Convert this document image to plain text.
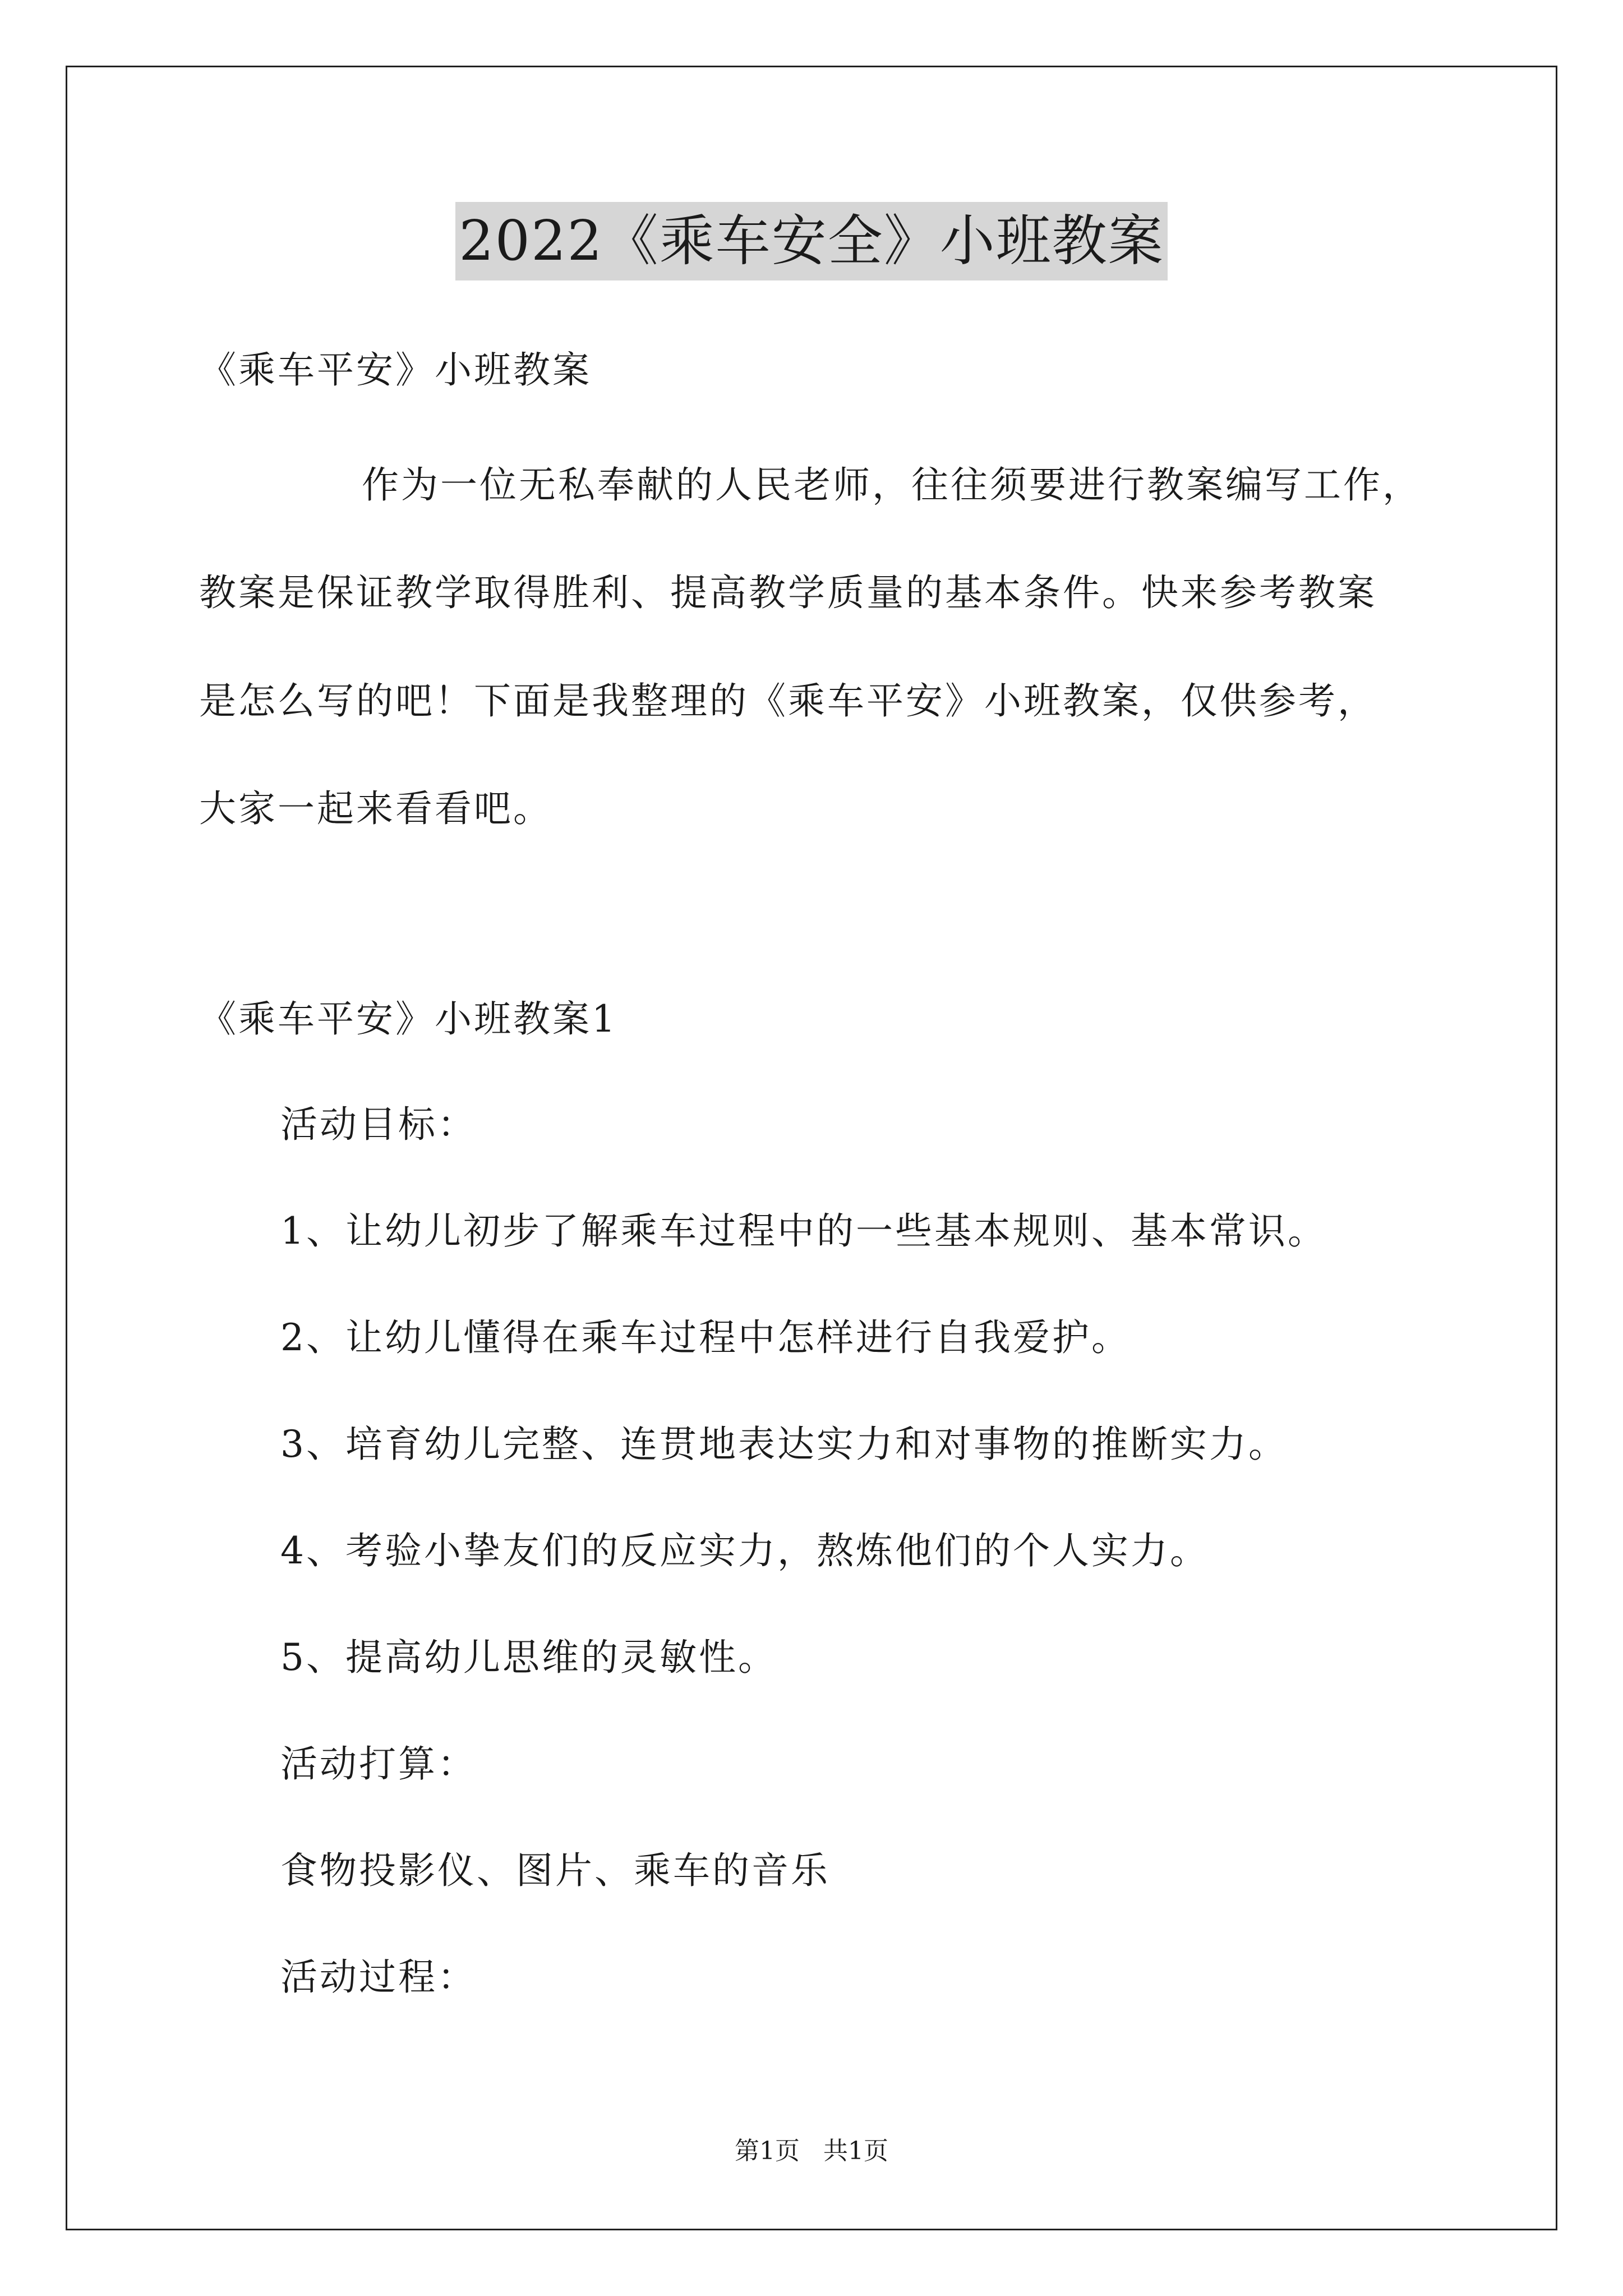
2022《乘车安全》小班教案
《乘车平安》小班教案
作为一位无私奉献的人民老师，往往须要进行教案编写工作，
教案是保证教学取得胜利、提高教学质量的基本条件。快来参考教案
是怎么写的吧！下面是我整理的《乘车平安》小班教案，仅供参考，
大家一起来看看吧。
《乘车平安》小班教案1
活动目标：
1、让幼儿初步了解乘车过程中的一些基本规则、基本常识。
2、让幼儿懂得在乘车过程中怎样进行自我爱护。
3、培育幼儿完整、连贯地表达实力和对事物的推断实力。
4、考验小挚友们的反应实力，熬炼他们的个人实力。
5、提高幼儿思维的灵敏性。
活动打算：
食物投影仪、图片、乘车的音乐
活动过程：
第1页   共1页
